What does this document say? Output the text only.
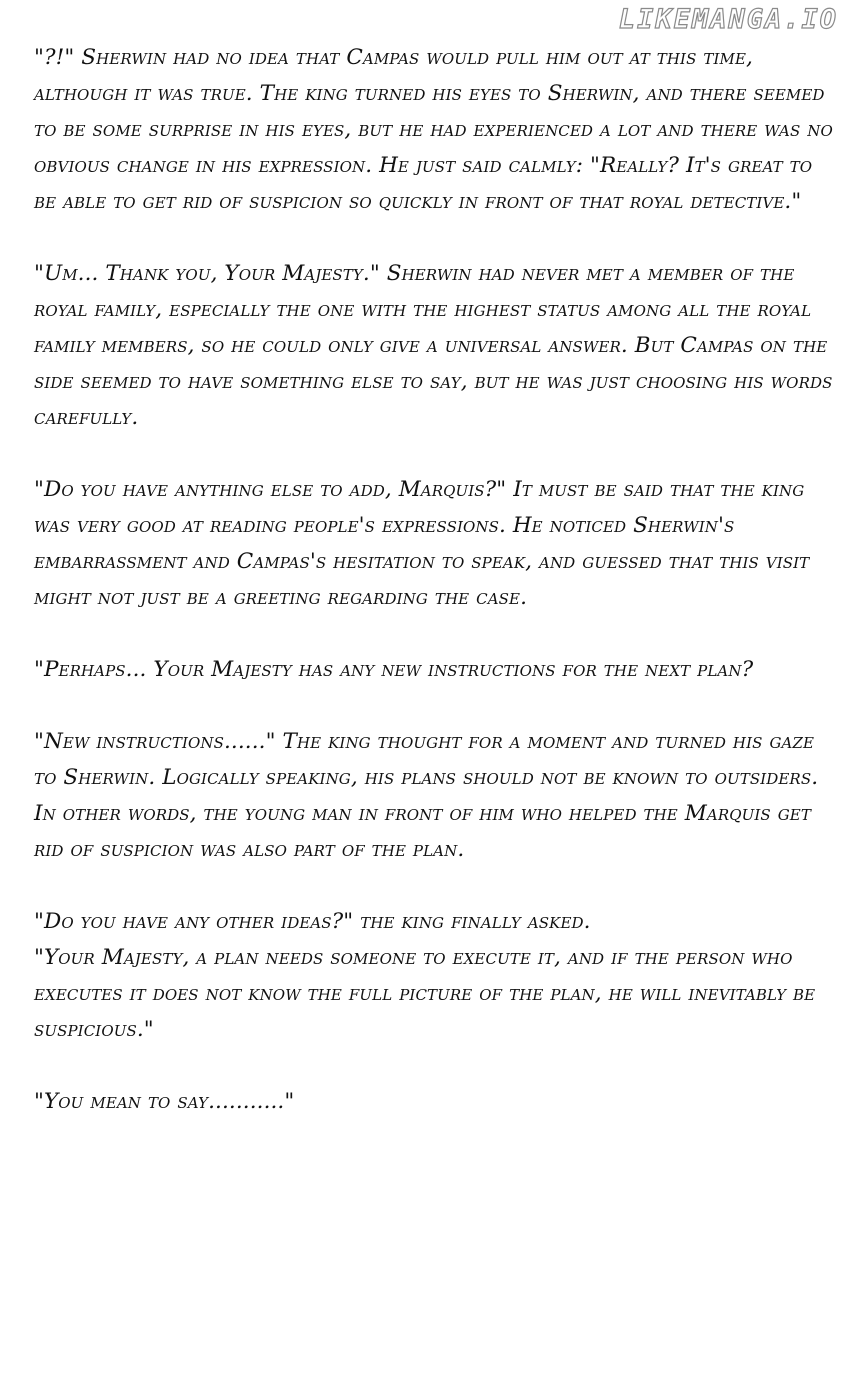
LIKEMANGA.IO

"?!" Sherwin had no idea that Campas would pull him out at this time, although it was true. The king turned his eyes to Sherwin, and there seemed to be some surprise in his eyes, but he had experienced a lot and there was no obvious change in his expression. He just said calmly: "Really? It's great to be able to get rid of suspicion so quickly in front of that royal detective."

"Um... Thank you, Your Majesty." Sherwin had never met a member of the royal family, especially the one with the highest status among all the royal family members, so he could only give a universal answer. But Campas on the side seemed to have something else to say, but he was just choosing his words carefully.

"Do you have anything else to add, Marquis?" It must be said that the king was very good at reading people's expressions. He noticed Sherwin's embarrassment and Campas's hesitation to speak, and guessed that this visit might not just be a greeting regarding the case.

"Perhaps... Your Majesty has any new instructions for the next plan?

"New instructions......" The king thought for a moment and turned his gaze to Sherwin. Logically speaking, his plans should not be known to outsiders. In other words, the young man in front of him who helped the Marquis get rid of suspicion was also part of the plan.

"Do you have any other ideas?" the king finally asked.
"Your Majesty, a plan needs someone to execute it, and if the person who executes it does not know the full picture of the plan, he will inevitably be suspicious."

"You mean to say..........."
